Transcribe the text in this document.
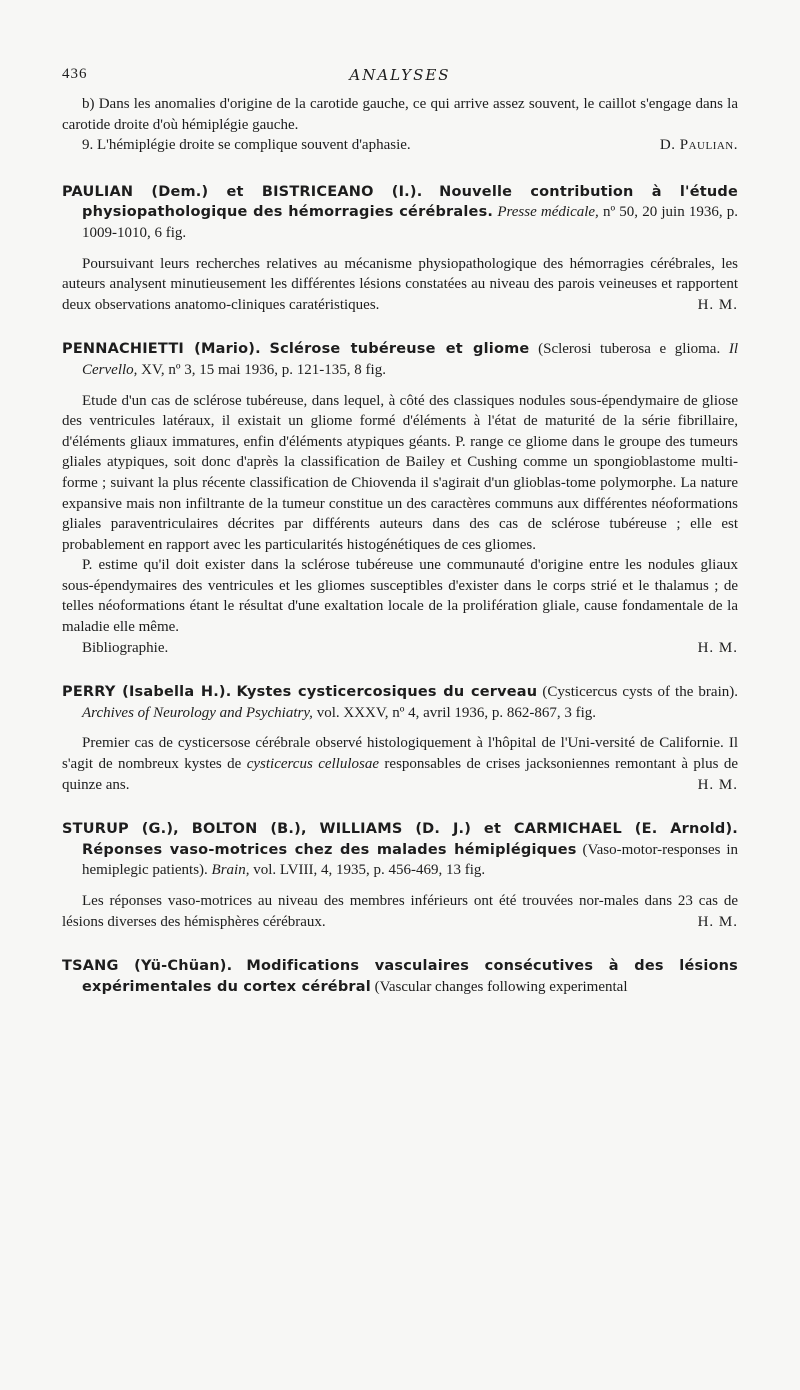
436	ANALYSES

b) Dans les anomalies d'origine de la carotide gauche, ce qui arrive assez souvent, le caillot s'engage dans la carotide droite d'où hémiplégie gauche.

9. L'hémiplégie droite se complique souvent d'aphasie.	D. Paulian.

PAULIAN (Dem.) et BISTRICEANO (I.). Nouvelle contribution à l'étude physiopathologique des hémorragies cérébrales. Presse médicale, nº 50, 20 juin 1936, p. 1009-1010, 6 fig.

Poursuivant leurs recherches relatives au mécanisme physiopathologique des hémorragies cérébrales, les auteurs analysent minutieusement les différentes lésions constatées au niveau des parois veineuses et rapportent deux observations anatomo-cliniques caratéristiques.	H. M.

PENNACHIETTI (Mario). Sclérose tubéreuse et gliome (Sclerosi tuberosa e glioma. Il Cervello, XV, nº 3, 15 mai 1936, p. 121-135, 8 fig.

Etude d'un cas de sclérose tubéreuse, dans lequel, à côté des classiques nodules sous-épendymaire de gliose des ventricules latéraux, il existait un gliome formé d'éléments à l'état de maturité de la série fibrillaire, d'éléments gliaux immatures, enfin d'éléments atypiques géants. P. range ce gliome dans le groupe des tumeurs gliales atypiques, soit donc d'après la classification de Bailey et Cushing comme un spongioblastome multi-forme ; suivant la plus récente classification de Chiovenda il s'agirait d'un glioblas-tome polymorphe. La nature expansive mais non infiltrante de la tumeur constitue un des caractères communs aux différentes néoformations gliales paraventriculaires décrites par différents auteurs dans des cas de sclérose tubéreuse ; elle est probablement en rapport avec les particularités histogénétiques de ces gliomes.

P. estime qu'il doit exister dans la sclérose tubéreuse une communauté d'origine entre les nodules gliaux sous-épendymaires des ventricules et les gliomes susceptibles d'exister dans le corps strié et le thalamus ; de telles néoformations étant le résultat d'une exaltation locale de la prolifération gliale, cause fondamentale de la maladie elle même.

Bibliographie.	H. M.

PERRY (Isabella H.). Kystes cysticercosiques du cerveau (Cysticercus cysts of the brain). Archives of Neurology and Psychiatry, vol. XXXV, nº 4, avril 1936, p. 862-867, 3 fig.

Premier cas de cysticersose cérébrale observé histologiquement à l'hôpital de l'Uni-versité de Californie. Il s'agit de nombreux kystes de cysticercus cellulosae responsables de crises jacksoniennes remontant à plus de quinze ans.	H. M.

STURUP (G.), BOLTON (B.), WILLIAMS (D. J.) et CARMICHAEL (E. Arnold). Réponses vaso-motrices chez des malades hémiplégiques (Vaso-motor-responses in hemiplegic patients). Brain, vol. LVIII, 4, 1935, p. 456-469, 13 fig.

Les réponses vaso-motrices au niveau des membres inférieurs ont été trouvées nor-males dans 23 cas de lésions diverses des hémisphères cérébraux.	H. M.

TSANG (Yü-Chüan). Modifications vasculaires consécutives à des lésions expérimentales du cortex cérébral (Vascular changes following experimental
